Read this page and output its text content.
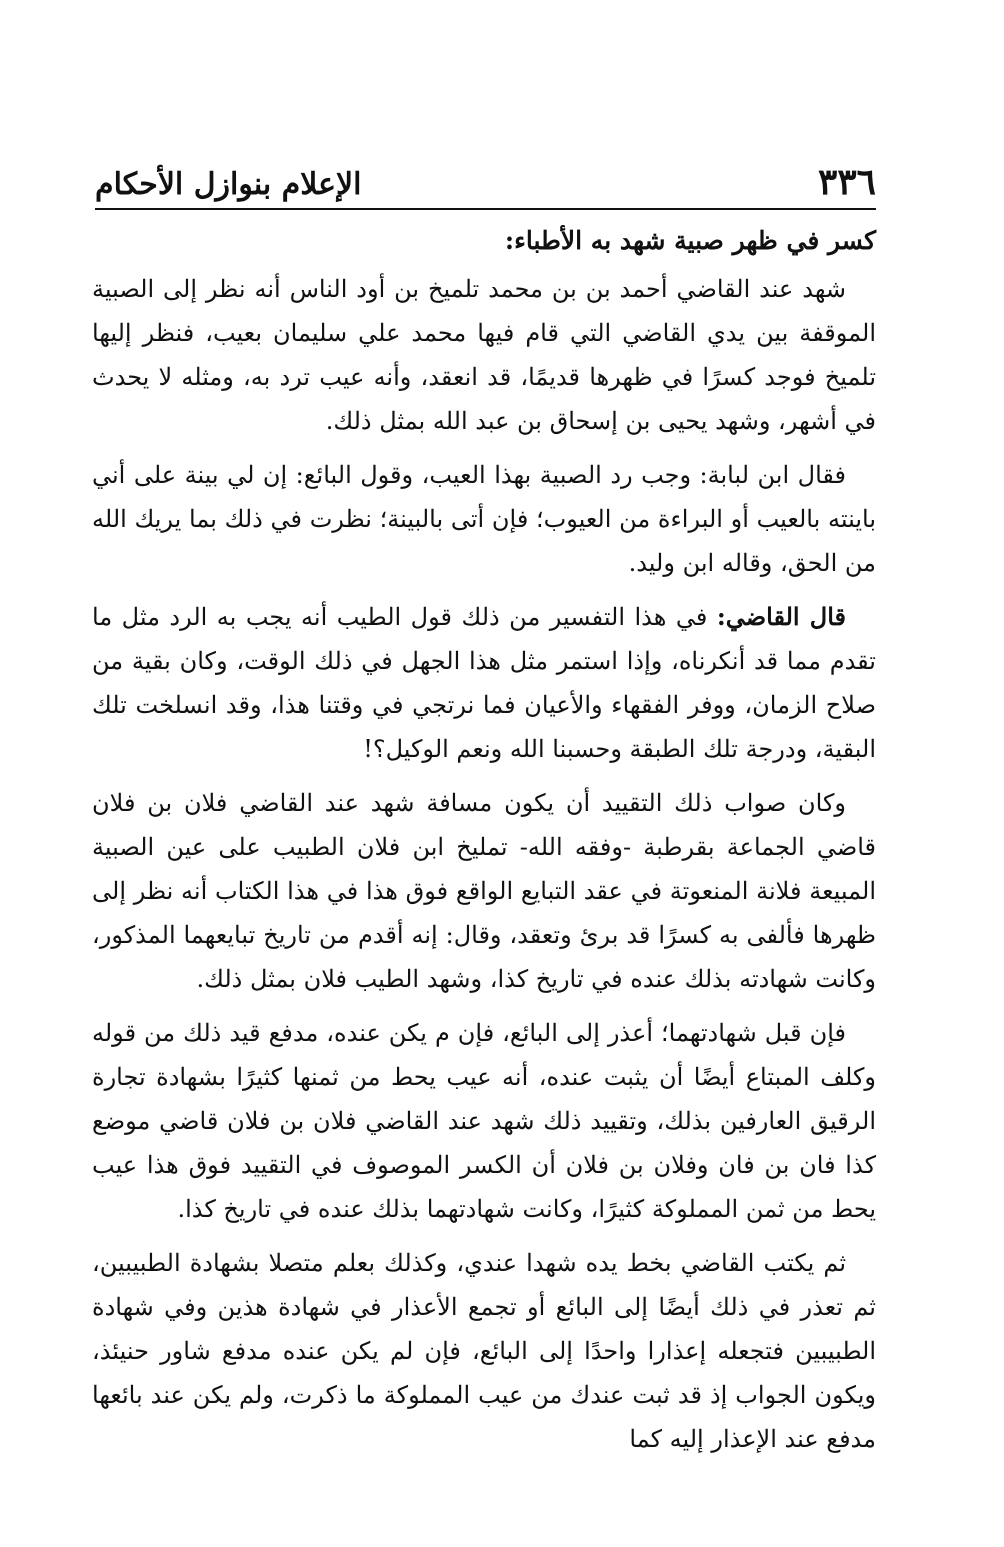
٣٣٦
الإعلام بنوازل الأحكام
كسر في ظهر صبية شهد به الأطباء:

شهد عند القاضي أحمد بن بن محمد تلميخ بن أود الناس أنه نظر إلى الصبية الموقفة بين يدي القاضي التي قام فيها محمد علي سليمان بعيب، فنظر إليها تلميخ فوجد كسرًا في ظهرها قديمًا، قد انعقد، وأنه عيب ترد به، ومثله لا يحدث في أشهر، وشهد يحيى بن إسحاق بن عبد الله بمثل ذلك.

فقال ابن لبابة: وجب رد الصبية بهذا العيب، وقول البائع: إن لي بينة على أني باينته بالعيب أو البراءة من العيوب؛ فإن أتى بالبينة؛ نظرت في ذلك بما يريك الله من الحق، وقاله ابن وليد.

قال القاضي: في هذا التفسير من ذلك قول الطيب أنه يجب به الرد مثل ما تقدم مما قد أنكرناه، وإذا استمر مثل هذا الجهل في ذلك الوقت، وكان بقية من صلاح الزمان، ووفر الفقهاء والأعيان فما نرتجي في وقتنا هذا، وقد انسلخت تلك البقية، ودرجة تلك الطبقة وحسبنا الله ونعم الوكيل؟!

وكان صواب ذلك التقييد أن يكون مسافة شهد عند القاضي فلان بن فلان قاضي الجماعة بقرطبة -وفقه الله- تمليخ ابن فلان الطبيب على عين الصبية المبيعة فلانة المنعوتة في عقد التبايع الواقع فوق هذا في هذا الكتاب أنه نظر إلى ظهرها فألفى به كسرًا قد برئ وتعقد، وقال: إنه أقدم من تاريخ تبايعهما المذكور، وكانت شهادته بذلك عنده في تاريخ كذا، وشهد الطيب فلان بمثل ذلك.

فإن قبل شهادتهما؛ أعذر إلى البائع، فإن م يكن عنده، مدفع قيد ذلك من قوله وكلف المبتاع أيضًا أن يثبت عنده، أنه عيب يحط من ثمنها كثيرًا بشهادة تجارة الرقيق العارفين بذلك، وتقييد ذلك شهد عند القاضي فلان بن فلان قاضي موضع كذا فان بن فان وفلان بن فلان أن الكسر الموصوف في التقييد فوق هذا عيب يحط من ثمن المملوكة كثيرًا، وكانت شهادتهما بذلك عنده في تاريخ كذا.

ثم يكتب القاضي بخط يده شهدا عندي، وكذلك بعلم متصلا بشهادة الطبيبين، ثم تعذر في ذلك أيضًا إلى البائع أو تجمع الأعذار في شهادة هذين وفي شهادة الطبيبين فتجعله إعذارا واحدًا إلى البائع، فإن لم يكن عنده مدفع شاور حنيئذ، ويكون الجواب إذ قد ثبت عندك من عيب المملوكة ما ذكرت، ولم يكن عند بائعها مدفع عند الإعذار إليه كما
